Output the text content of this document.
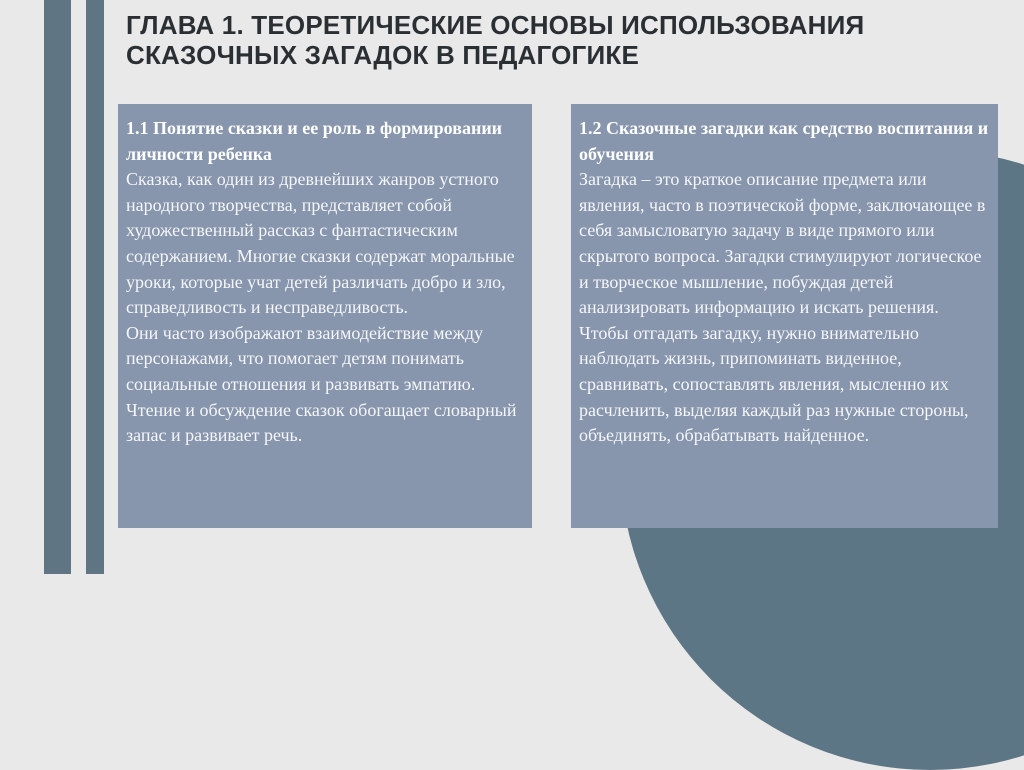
ГЛАВА 1. ТЕОРЕТИЧЕСКИЕ ОСНОВЫ ИСПОЛЬЗОВАНИЯ СКАЗОЧНЫХ ЗАГАДОК В ПЕДАГОГИКЕ
1.1 Понятие сказки и ее роль в формировании личности ребенка

Сказка, как один из древнейших жанров устного народного творчества, представляет собой художественный рассказ с фантастическим содержанием. Многие сказки содержат моральные уроки, которые учат детей различать добро и зло, справедливость и несправедливость.

Они часто изображают взаимодействие между персонажами, что помогает детям понимать социальные отношения и развивать эмпатию.

Чтение и обсуждение сказок обогащает словарный запас и развивает речь.

1.2 Сказочные загадки как средство воспитания и обучения

Загадка – это краткое описание предмета или явления, часто в поэтической форме, заключающее в себя замысловатую задачу в виде прямого или скрытого вопроса. Загадки стимулируют логическое и творческое мышление, побуждая детей анализировать информацию и искать решения. Чтобы отгадать загадку, нужно внимательно наблюдать жизнь, припоминать виденное, сравнивать, сопоставлять явления, мысленно их расчленить, выделяя каждый раз нужные стороны, объединять, обрабатывать найденное.
